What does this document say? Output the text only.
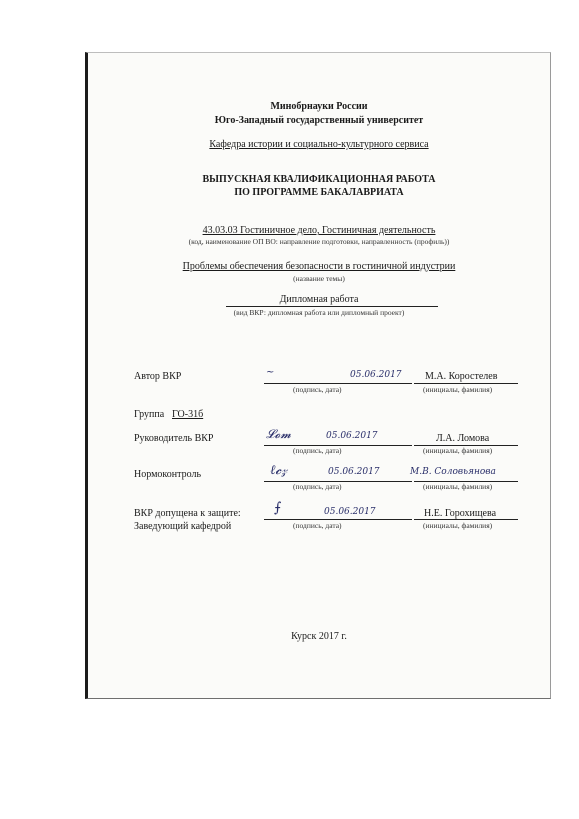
Минобрнауки России
Юго-Западный государственный университет
Кафедра истории и социально-культурного сервиса
ВЫПУСКНАЯ КВАЛИФИКАЦИОННАЯ РАБОТА
ПО ПРОГРАММЕ БАКАЛАВРИАТА
43.03.03 Гостиничное дело, Гостиничная деятельность
(код, наименование ОП ВО: направление подготовки, направленность (профиль))
Проблемы обеспечения безопасности в гостиничной индустрии
(название темы)
Дипломная работа
(вид ВКР: дипломная работа или дипломный проект)
Автор ВКР	~	05.06.2017 М.А. Коростелев
(подпись, дата)	(инициалы, фамилия)
Группа ГО-31б
Руководитель ВКР	𝓛𝓸𝓶	05.06.2017	Л.А. Ломова
(подпись, дата)	(инициалы, фамилия)
Нормоконтроль	ℓ𝓬𝓏	05.06.2017	М.В. Соловьянова
(подпись, дата)	(инициалы, фамилия)
ВКР допущена к защите:
Заведующий кафедрой
⨍	05.06.2017	Н.Е. Горохищева
(подпись, дата)	(инициалы, фамилия)
Курск 2017 г.
